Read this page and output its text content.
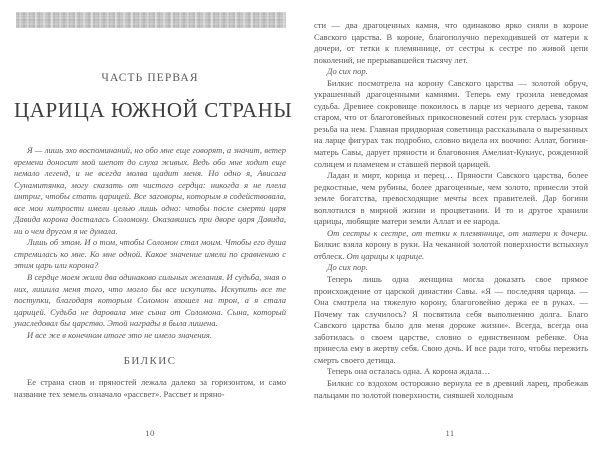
ЧАСТЬ ПЕРВАЯ
ЦАРИЦА ЮЖНОЙ СТРАНЫ

Я — лишь эхо воспоминаний, но обо мне еще говорят, а значит, ветер времени доносит мой шепот до слуха живых. Ведь обо мне ходит еще немало легенд, и не всегда молва щадит меня. Но одно я, Ависага Сунамитянка, могу сказать от чистого сердца: никогда я не плела интриг, чтобы стать царицей. Все заговоры, которым я содействовала, все мои хитрости имели целью лишь одно: чтобы после смерти царя Давида корона досталась Соломону. Оказавшись при дворе царя Давида, ни о чем другом я не думала.

Лишь об этом. И о том, чтобы Соломон стал моим. Чтобы его душа стремилась ко мне. Ко мне одной. Какое значение имели по сравнению с этим царь или корона?

В сердце моем жили два одинаково сильных желания. И судьба, зная о них, лишила меня того, что могло бы все искупить. Искупить все те поступки, благодаря которым Соломон взошел на трон, а я стала царицей. Судьба не даровала мне сына от Соломона. Сына, который унаследовал бы царство. Этой награды я была лишена.

И все же в конечном итоге это не имело значения.

БИЛКИС

Ее страна снов и пряностей лежала далеко за горизонтом, и само название тех земель означало «рассвет». Рассвет и пряно-

10

сти — два драгоценных камня, что одинаково ярко сияли в короне Савского царства. В короне, благополучно переходившей от матери к дочери, от тетки к племяннице, от сестры к сестре по живой цепи поколений, не прерывавшейся тысячу лет.

До сих пор.

Билкис посмотрела на корону Савского царства — золотой обруч, украшенный драгоценными камнями. Теперь ему грозила неведомая судьба. Древнее сокровище покоилось в ларце из черного дерева, таком старом, что от благоговейных прикосновений сотен рук стерлась узорная резьба на нем. Главная придворная советница рассказывала о вырезанных на ларце фигурах так подробно, словно видела их воочию: Аллат, богиня-матерь Савы, дарует пряности и благовония Амелиат-Кукиус, рожденной солнцем и пламенем и ставшей первой царицей.

Ладан и мирт, корица и перец… Пряности Савского царства, более редкостные, чем рубины, более драгоценные, чем золото, принесли этой земле богатства, превосходящие мечты всех правителей. Дар богини воплотился в мирной жизни и процветании. И то и другое хранили царицы, любящие матери земли Аллат и ее народа.

От сестры к сестре, от тетки к племяннице, от матери к дочери. Билкис взяла корону в руки. На чеканной золотой поверхности вспыхнул отблеск. От царицы к царице.

До сих пор.

Теперь лишь одна женщина могла доказать свое прямое происхождение от царской династии Савы. «Я — последняя царица. — Она смотрела на тяжелую корону, благоговейно держа ее в руках. — Почему так случилось? Я посвятила себя выполнению долга. Благо Савского царства было для меня дороже жизни». Всегда, всегда она заботилась о своем царстве, словно о единственном ребенке. Она принесла ему в жертву себя. Свою дочь. И все ради того, чтобы пережить смерть своего детища.

Теперь она осталась одна. А корона ждала…

Билкис со вздохом осторожно вернула ее в древний ларец, пробежав пальцами по золотой поверхности, сиявшей холодным

11
